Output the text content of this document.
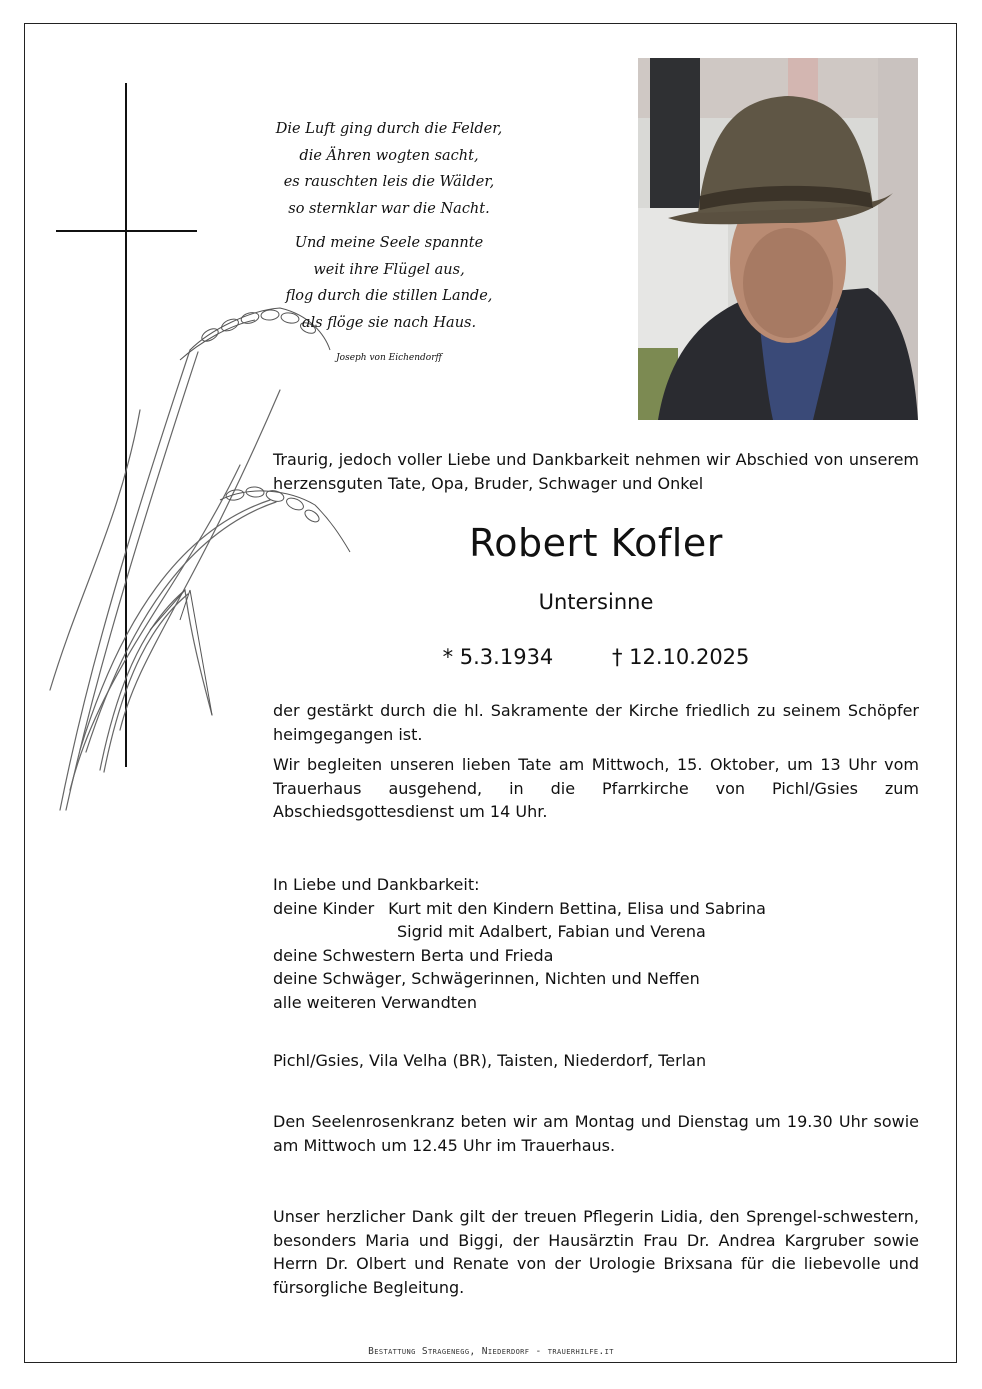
Die Luft ging durch die Felder,

die Ähren wogten sacht,

es rauschten leis die Wälder,

so sternklar war die Nacht.

Und meine Seele spannte

weit ihre Flügel aus,

flog durch die stillen Lande,

als flöge sie nach Haus.

Joseph von Eichendorff

Traurig, jedoch voller Liebe und Dankbarkeit nehmen wir Abschied von unserem herzensguten Tate, Opa, Bruder, Schwager und Onkel

Robert Kofler
Untersinne
* 5.3.1934	† 12.10.2025

der gestärkt durch die hl. Sakramente der Kirche friedlich zu seinem Schöpfer heimgegangen ist.

Wir begleiten unseren lieben Tate am Mittwoch, 15. Oktober, um 13 Uhr vom Trauerhaus ausgehend, in die Pfarrkirche von Pichl/Gsies zum Abschiedsgottesdienst um 14 Uhr.

In Liebe und Dankbarkeit:
deine Kinder Kurt mit den Kindern Bettina, Elisa und Sabrina
Sigrid mit Adalbert, Fabian und Verena
deine Schwestern Berta und Frieda
deine Schwäger, Schwägerinnen, Nichten und Neffen
alle weiteren Verwandten

Pichl/Gsies, Vila Velha (BR), Taisten, Niederdorf, Terlan

Den Seelenrosenkranz beten wir am Montag und Dienstag um 19.30 Uhr sowie am Mittwoch um 12.45 Uhr im Trauerhaus.

Unser herzlicher Dank gilt der treuen Pflegerin Lidia, den Sprengel-schwestern, besonders Maria und Biggi, der Hausärztin Frau Dr. Andrea Kargruber sowie Herrn Dr. Olbert und Renate von der Urologie Brixsana für die liebevolle und fürsorgliche Begleitung.

Bestattung Stragenegg, Niederdorf - trauerhilfe.it
